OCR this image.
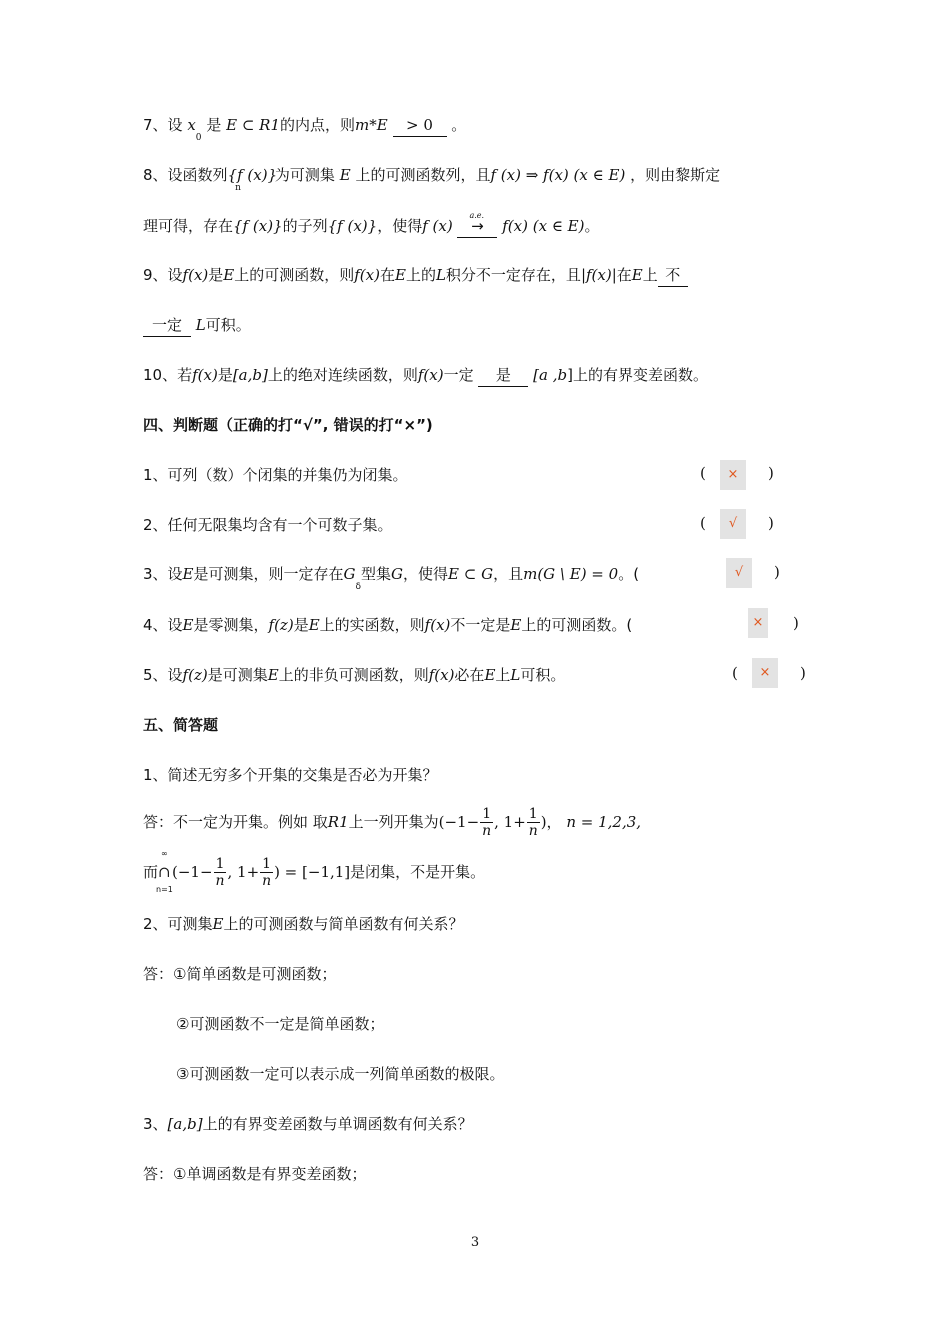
7、设 $x_0$ 是 E ⊂ R1的内点，则m*E > 0 。
8、设函数列{f $(x)\}_n$为可测集 E 上的可测函数列，且f (x) ⇒ f(x) (x ∈ E) ，则由黎斯定
理可得，存在{f (x)}的子列{f (x)}，使得f (x)
a.e.
→ f(x) (x ∈ E)。
9、设f(x)是E上的可测函数，则f(x)在E上的L积分不一定存在，且|f(x)|在E上 不
一定 L可积。
10、若f(x)是[a,b]上的绝对连续函数，则f(x)一定 是 [a ,b]上的有界变差函数。
四、判断题（正确的打“√”, 错误的打“×”)
1、可列（数）个闭集的并集仍为闭集。	(	×	)
2、任何无限集均含有一个可数子集。	(	√	)
3、设E是可测集，则一定存在$G_\delta$型集G，使得E ⊂ G，且m(G \ E) = 0。(	√	)
4、设E是零测集，f(z)是E上的实函数，则f(x)不一定是E上的可测函数。(	×	)
5、设f(z)是可测集E上的非负可测函数，则f(x)必在E上L可积。	(	×	)
五、简答题
1、简述无穷多个开集的交集是否必为开集？
答：不一定为开集。例如 取R1上一列开集为($-1- \frac{1}{n}$ , $1+ \frac{1}{n}$ )， n = 1,2,3,
而
∞
∩
n=1
($-1- \frac{1}{n}$ , $1+ \frac{1}{n}$ ) = [−1,1]是闭集，不是开集。
2、可测集E上的可测函数与简单函数有何关系？
答：①简单函数是可测函数；
②可测函数不一定是简单函数；
③可测函数一定可以表示成一列简单函数的极限。
3、[a,b]上的有界变差函数与单调函数有何关系？
答：①单调函数是有界变差函数；
3
